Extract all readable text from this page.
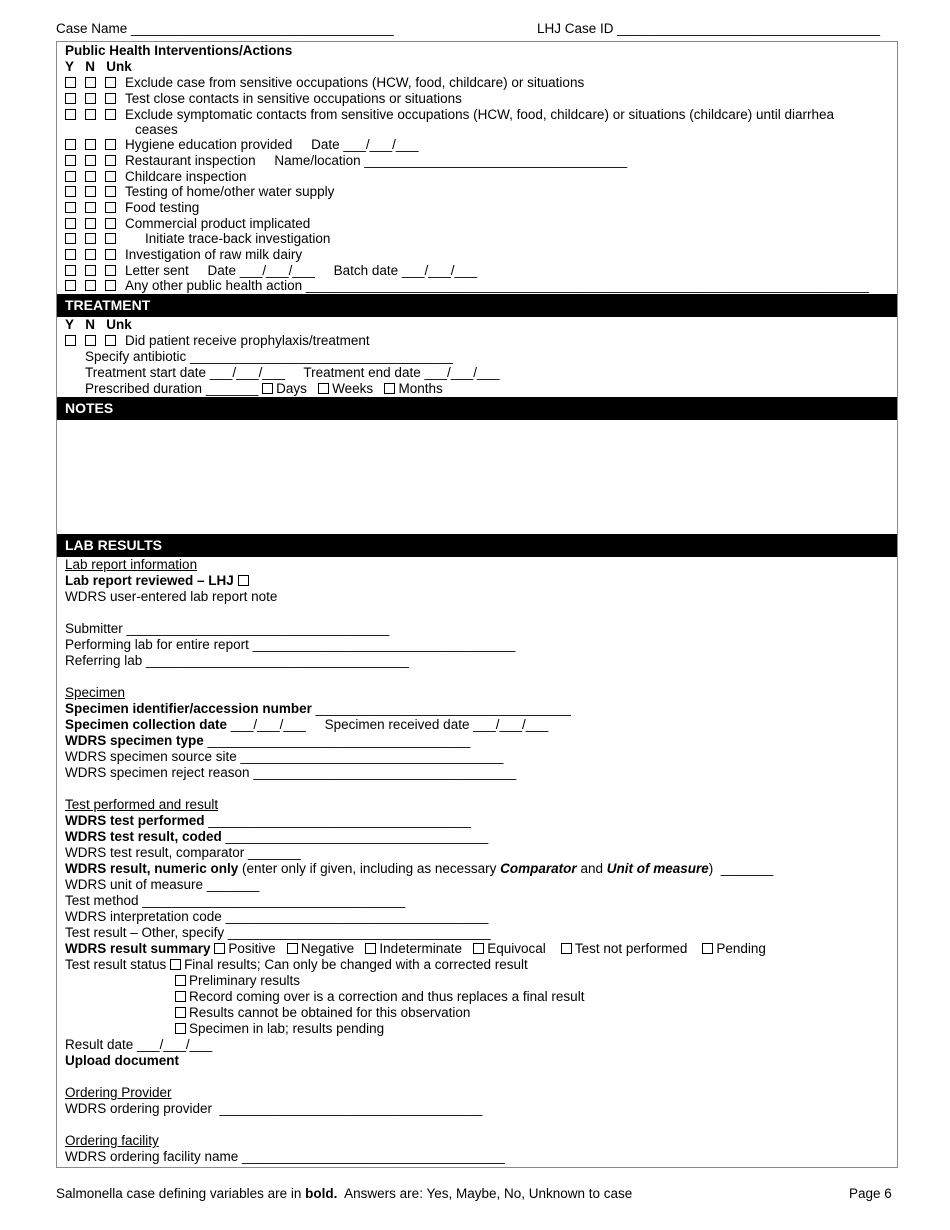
Case Name ___________________________________	LHJ Case ID ___________________________________
Public Health Interventions/Actions
Y N Unk
Exclude case from sensitive occupations (HCW, food, childcare) or situations
Test close contacts in sensitive occupations or situations
Exclude symptomatic contacts from sensitive occupations (HCW, food, childcare) or situations (childcare) until diarrhea
ceases
Hygiene education provided     Date ___/___/___
Restaurant inspection     Name/location ___________________________________
Childcare inspection
Testing of home/other water supply
Food testing
Commercial product implicated
Initiate trace-back investigation
Investigation of raw milk dairy
Letter sent     Date ___/___/___     Batch date ___/___/___
Any other public health action ___________________________________________________________________________
TREATMENT
Y N Unk
Did patient receive prophylaxis/treatment
Specify antibiotic ___________________________________
Treatment start date ___/___/___     Treatment end date ___/___/___
Prescribed duration _______ Days Weeks Months
NOTES
LAB RESULTS
Lab report information
Lab report reviewed – LHJ
WDRS user-entered lab report note
Submitter ___________________________________
Performing lab for entire report ___________________________________
Referring lab ___________________________________
Specimen
Specimen identifier/accession number __________________________________
Specimen collection date ___/___/___     Specimen received date ___/___/___
WDRS specimen type ___________________________________
WDRS specimen source site ___________________________________
WDRS specimen reject reason ___________________________________
Test performed and result
WDRS test performed ___________________________________
WDRS test result, coded ___________________________________
WDRS test result, comparator _______
WDRS result, numeric only (enter only if given, including as necessary Comparator and Unit of measure)  _______
WDRS unit of measure _______
Test method ___________________________________
WDRS interpretation code ___________________________________
Test result – Other, specify ___________________________________
WDRS result summary Positive Negative Indeterminate Equivocal Test not performed Pending
Test result status Final results; Can only be changed with a corrected result
Preliminary results
Record coming over is a correction and thus replaces a final result
Results cannot be obtained for this observation
Specimen in lab; results pending
Result date ___/___/___
Upload document
Ordering Provider
WDRS ordering provider  ___________________________________
Ordering facility
WDRS ordering facility name ___________________________________
Salmonella case defining variables are in bold.  Answers are: Yes, Maybe, No, Unknown to case	Page 6
